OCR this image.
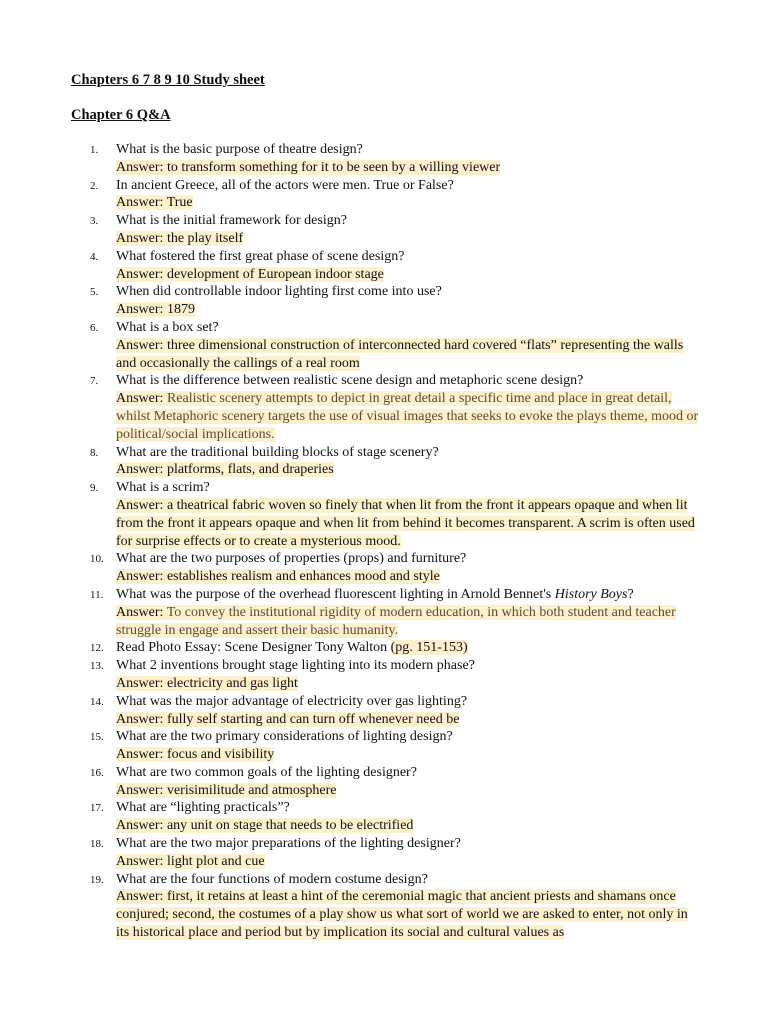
Chapters 6 7 8 9 10 Study sheet
Chapter 6 Q&A
1.	What is the basic purpose of theatre design?
Answer: to transform something for it to be seen by a willing viewer
2.	In ancient Greece, all of the actors were men. True or False?
Answer: True
3.	What is the initial framework for design?
Answer: the play itself
4.	What fostered the first great phase of scene design?
Answer: development of European indoor stage
5.	When did controllable indoor lighting first come into use?
Answer: 1879
6.	What is a box set?
Answer: three dimensional construction of interconnected hard covered “flats” representing the walls and occasionally the callings of a real room
7.	What is the difference between realistic scene design and metaphoric scene design?
Answer: Realistic scenery attempts to depict in great detail a specific time and place in great detail, whilst Metaphoric scenery targets the use of visual images that seeks to evoke the plays theme, mood or political/social implications.
8.	What are the traditional building blocks of stage scenery?
Answer: platforms, flats, and draperies
9.	What is a scrim?
Answer: a theatrical fabric woven so finely that when lit from the front it appears opaque and when lit from the front it appears opaque and when lit from behind it becomes transparent. A scrim is often used for surprise effects or to create a mysterious mood.
10. What are the two purposes of properties (props) and furniture?
Answer: establishes realism and enhances mood and style
11. What was the purpose of the overhead fluorescent lighting in Arnold Bennet's History Boys?
Answer: To convey the institutional rigidity of modern education, in which both student and teacher struggle in engage and assert their basic humanity.
12. Read Photo Essay: Scene Designer Tony Walton (pg. 151-153)
13. What 2 inventions brought stage lighting into its modern phase?
Answer: electricity and gas light
14. What was the major advantage of electricity over gas lighting?
Answer: fully self starting and can turn off whenever need be
15. What are the two primary considerations of lighting design?
Answer: focus and visibility
16. What are two common goals of the lighting designer?
Answer: verisimilitude and atmosphere
17. What are “lighting practicals”?
Answer: any unit on stage that needs to be electrified
18. What are the two major preparations of the lighting designer?
Answer: light plot and cue
19. What are the four functions of modern costume design?
Answer: first, it retains at least a hint of the ceremonial magic that ancient priests and shamans once conjured; second, the costumes of a play show us what sort of world we are asked to enter, not only in its historical place and period but by implication its social and cultural values as
